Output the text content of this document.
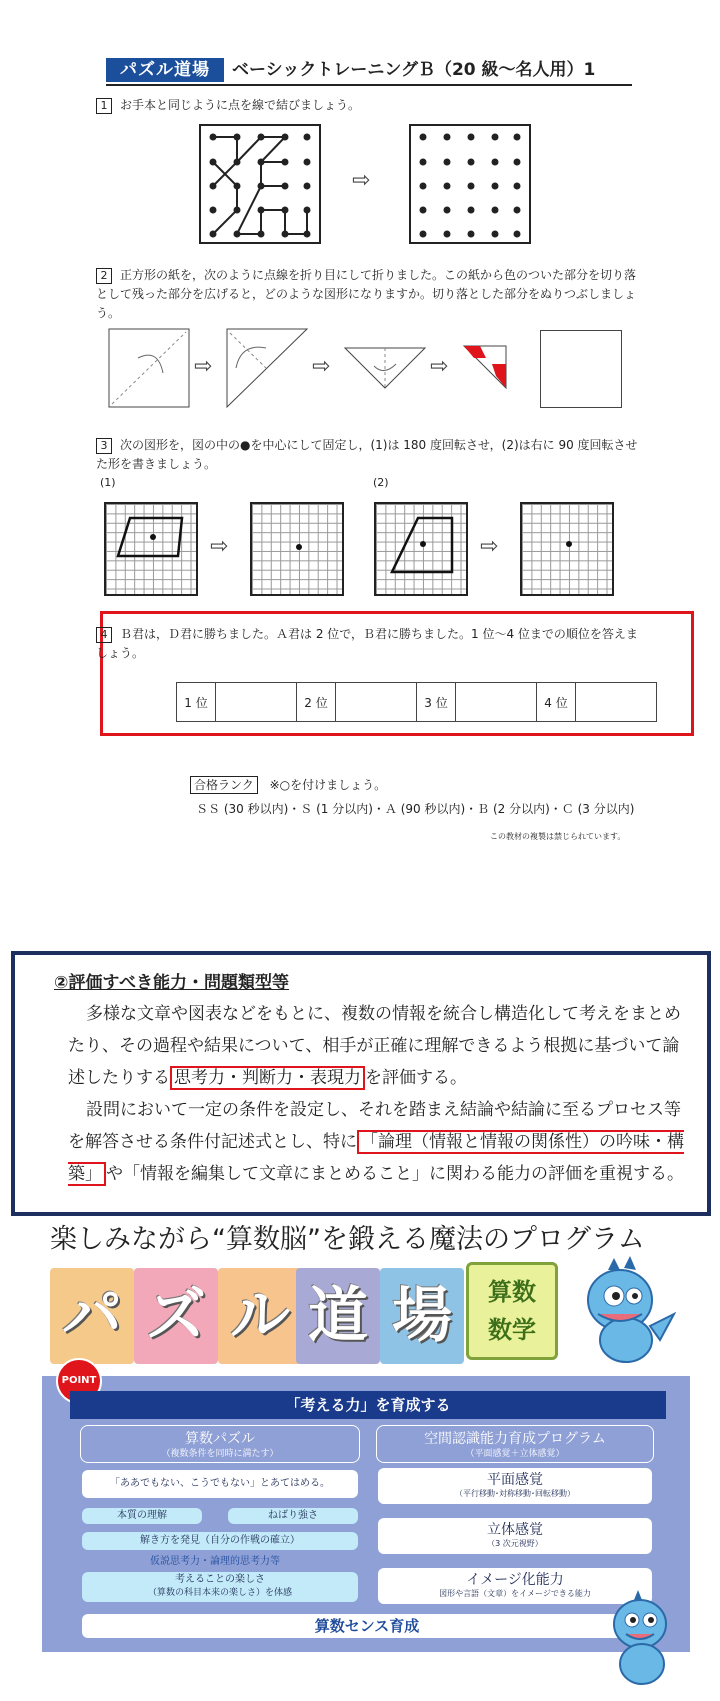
パズル道場	ベーシックトレーニングＢ（20 級〜名人用）1
1 お手本と同じように点を線で結びましょう。
⇨
2 正方形の紙を，次のように点線を折り目にして折りました。この紙から色のついた部分を切り落として残った部分を広げると，どのような図形になりますか。切り落とした部分をぬりつぶしましょう。
⇨	⇨	⇨
3 次の図形を，図の中の●を中心にして固定し，(1)は 180 度回転させ，(2)は右に 90 度回転させた形を書きましょう。
(1)	(2)
⇨	⇨
4 Ｂ君は，Ｄ君に勝ちました。Ａ君は 2 位で，Ｂ君に勝ちました。1 位〜4 位までの順位を答えましょう。
1 位		2 位		3 位		4 位	
合格ランク ※○を付けましょう。
ＳＳ (30 秒以内)・Ｓ (1 分以内)・Ａ (90 秒以内)・Ｂ (2 分以内)・Ｃ (3 分以内)
この教材の複製は禁じられています。
②評価すべき能力・問題類型等
多様な文章や図表などをもとに、複数の情報を統合し構造化して考えをまとめたり、その過程や結果について、相手が正確に理解できるよう根拠に基づいて論述したりする 思考力・判断力・表現力 を評価する。
設問において一定の条件を設定し、それを踏まえ結論や結論に至るプロセス等を解答させる条件付記述式とし、特に 「論理（情報と情報の関係性）の吟味・構築」 や「情報を編集して文章にまとめること」に関わる能力の評価を重視する。
楽しみながら“算数脳”を鍛える魔法のプログラム
パ ズ ル 道 場	算数
数学
POINT
「考える力」を育成する
算数パズル
（複数条件を同時に満たす）
「ああでもない、こうでもない」とあてはめる。
本質の理解	ねばり強さ
解き方を発見（自分の作戦の確立）
仮説思考力・論理的思考力等
考えることの楽しさ
（算数の科目本来の楽しさ）を体感
空間認識能力育成プログラム
（平面感覚＋立体感覚）
平面感覚
（平行移動･対称移動･回転移動）
立体感覚
（3 次元視野）
イメージ化能力
図形や言語（文章）をイメージできる能力
算数センス育成
